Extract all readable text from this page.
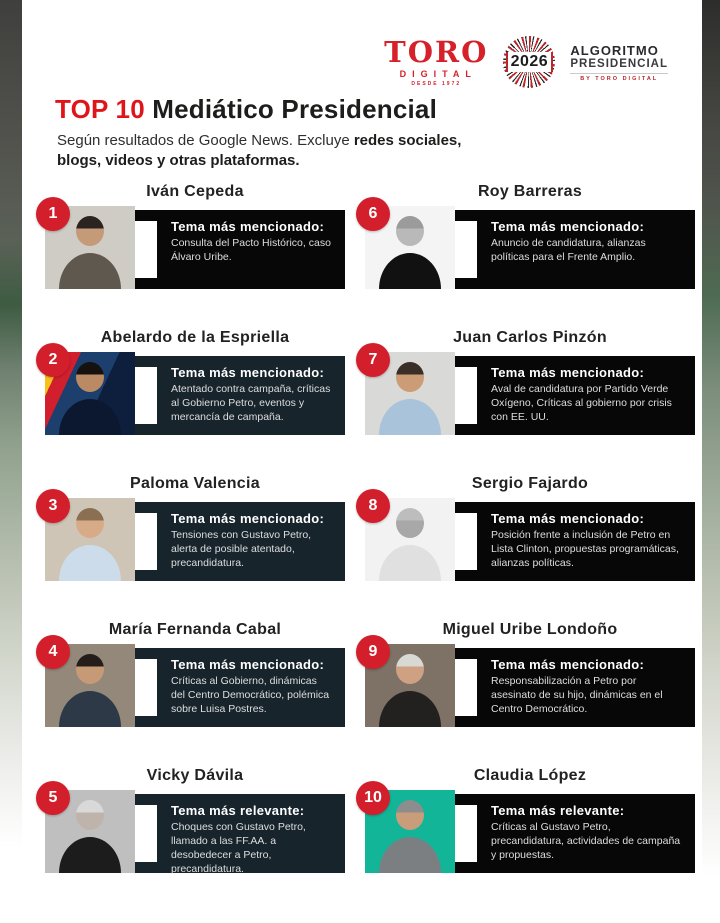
TORO
DIGITAL
DESDE 1972
2026
ALGORITMO
PRESIDENCIAL
BY TORO DIGITAL
TOP 10 Mediático Presidencial

Según resultados de Google News. Excluye redes sociales, blogs, videos y otras plataformas.

Iván Cepeda
Tema más mencionado:
Consulta del Pacto Histórico, caso Álvaro Uribe.
1
Roy Barreras
Tema más mencionado:
Anuncio de candidatura, alianzas políticas para el Frente Amplio.
6
Abelardo de la Espriella
Tema más mencionado:
Atentado contra campaña, críticas al Gobierno Petro, eventos y mercancía de campaña.
2
Juan Carlos Pinzón
Tema más mencionado:
Aval de candidatura por Partido Verde Oxígeno, Críticas al gobierno por crisis con EE. UU.
7
Paloma Valencia
Tema más mencionado:
Tensiones con Gustavo Petro, alerta de posible atentado, precandidatura.
3
Sergio Fajardo
Tema más mencionado:
Posición frente a inclusión de Petro en Lista Clinton, propuestas programáticas, alianzas políticas.
8
María Fernanda Cabal
Tema más mencionado:
Críticas al Gobierno, dinámicas del Centro Democrático, polémica sobre Luisa Postres.
4
Miguel Uribe Londoño
Tema más mencionado:
Responsabilización a Petro por asesinato de su hijo, dinámicas en el Centro Democrático.
9
Vicky Dávila
Tema más relevante:
Choques con Gustavo Petro, llamado a las FF.AA. a desobedecer a Petro, precandidatura.
5
Claudia López
Tema más relevante:
Críticas al Gustavo Petro, precandidatura, actividades de campaña y propuestas.
10
